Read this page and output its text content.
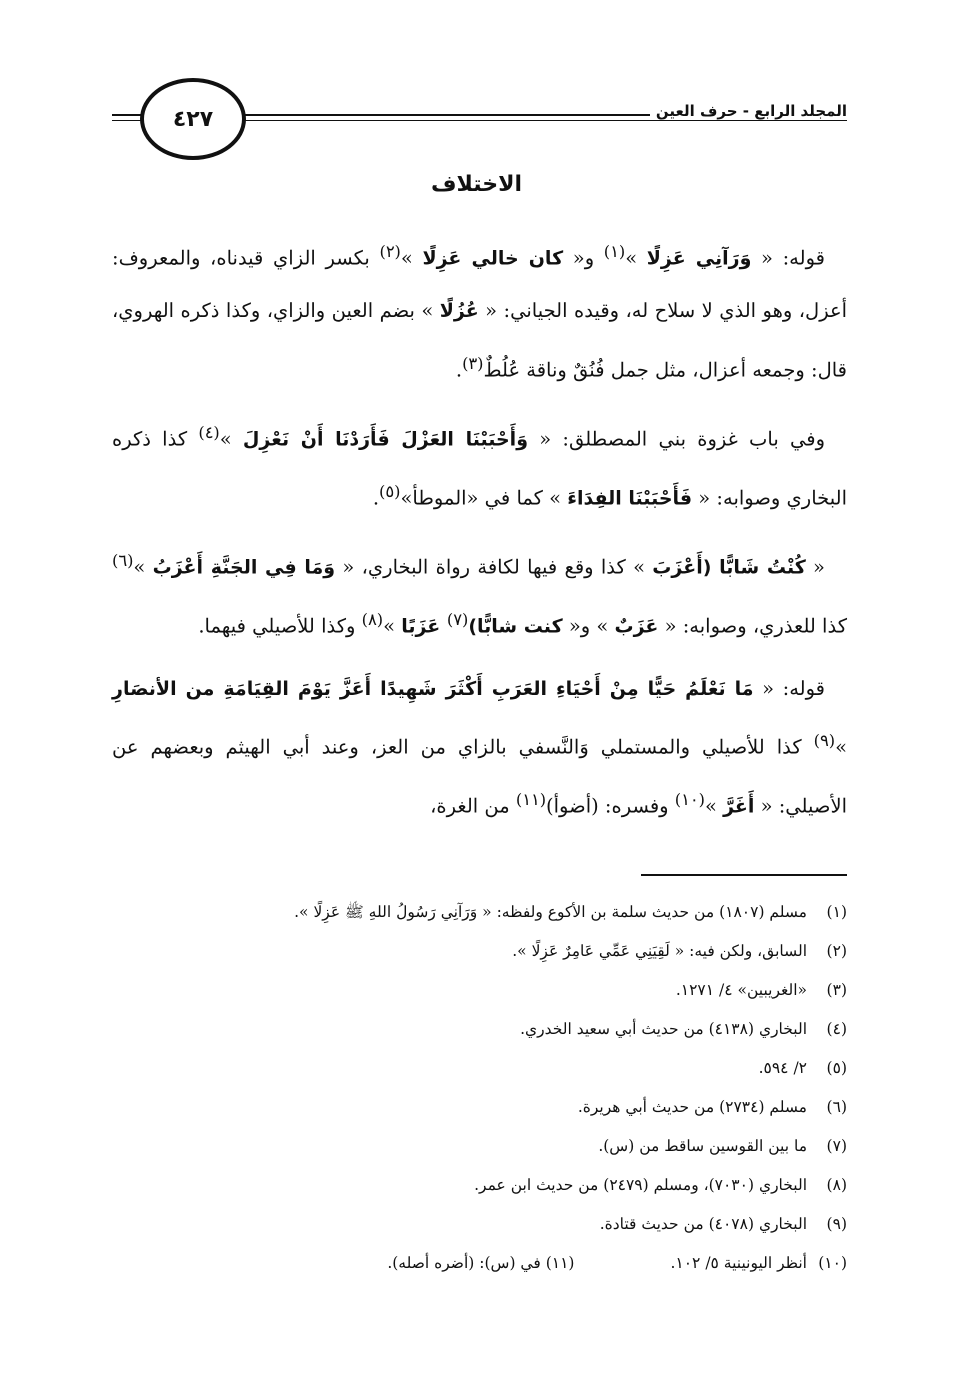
المجلد الرابع - حرف العين
٤٢٧
الاختلاف

قوله: « وَرَآنِي عَزِلًا »$^{(١)}$ و« كان خالي عَزِلًا »$^{(٢)}$ بكسر الزاي قيدناه، والمعروف: أعزل، وهو الذي لا سلاح له، وقيده الجياني: « عُزُلًا » بضم العين والزاي، وكذا ذكره الهروي، قال: وجمعه أعزال، مثل جمل فُنُقٌ وناقة عُلُطٌ$^{(٣)}$.

وفي باب غزوة بني المصطلق: « وَأَحْبَبْنَا العَزْلَ فَأَرَدْنَا أَنْ نَعْزِلَ »$^{(٤)}$ كذا ذكره البخاري وصوابه: « فَأَحْبَبْنَا الفِدَاءَ » كما في «الموطأ»$^{(٥)}$.

« كُنْتُ شَابًّا (أَعْزَبَ » كذا وقع فيها لكافة رواة البخاري، « وَمَا فِي الجَنَّةِ أَعْزَبُ »$^{(٦)}$ كذا للعذري، وصوابه: « عَزَبٌ » و« كنت شابًّا)$^{(٧)}$ عَزَبًا »$^{(٨)}$ وكذا للأصيلي فيهما.

قوله: « مَا نَعْلَمُ حَيًّا مِنْ أَحْيَاءِ العَرَبِ أَكْثَرَ شَهِيدًا أَعَزَّ يَوْمَ القِيَامَةِ من الأنصَارِ »$^{(٩)}$ كذا للأصيلي والمستملي وَالنَّسفي بالزاي من العز، وعند أبي الهيثم وبعضهم عن الأصيلي: « أَغَرَّ »$^{(١٠)}$ وفسره: (أضوأ)$^{(١١)}$ من الغرة،

(١)مسلم (١٨٠٧) من حديث سلمة بن الأكوع ولفظه: « وَرَآنِي رَسُولُ اللهِ ﷺ عَزِلًا ».
(٢)السابق، ولكن فيه: « لَقِيَنِي عَمِّي عَامِرٌ عَزِلًا ».
(٣)«الغريبين» ٤/ ١٢٧١.
(٤)البخاري (٤١٣٨) من حديث أبي سعيد الخدري.
(٥)٢/ ٥٩٤.
(٦)مسلم (٢٧٣٤) من حديث أبي هريرة.
(٧)ما بين القوسين ساقط من (س).
(٨)البخاري (٧٠٣٠)، ومسلم (٢٤٧٩) من حديث ابن عمر.
(٩)البخاري (٤٠٧٨) من حديث قتادة.
(١٠)أنظر اليونينية ٥/ ١٠٢.(١١) في (س): (أضره أصله).
